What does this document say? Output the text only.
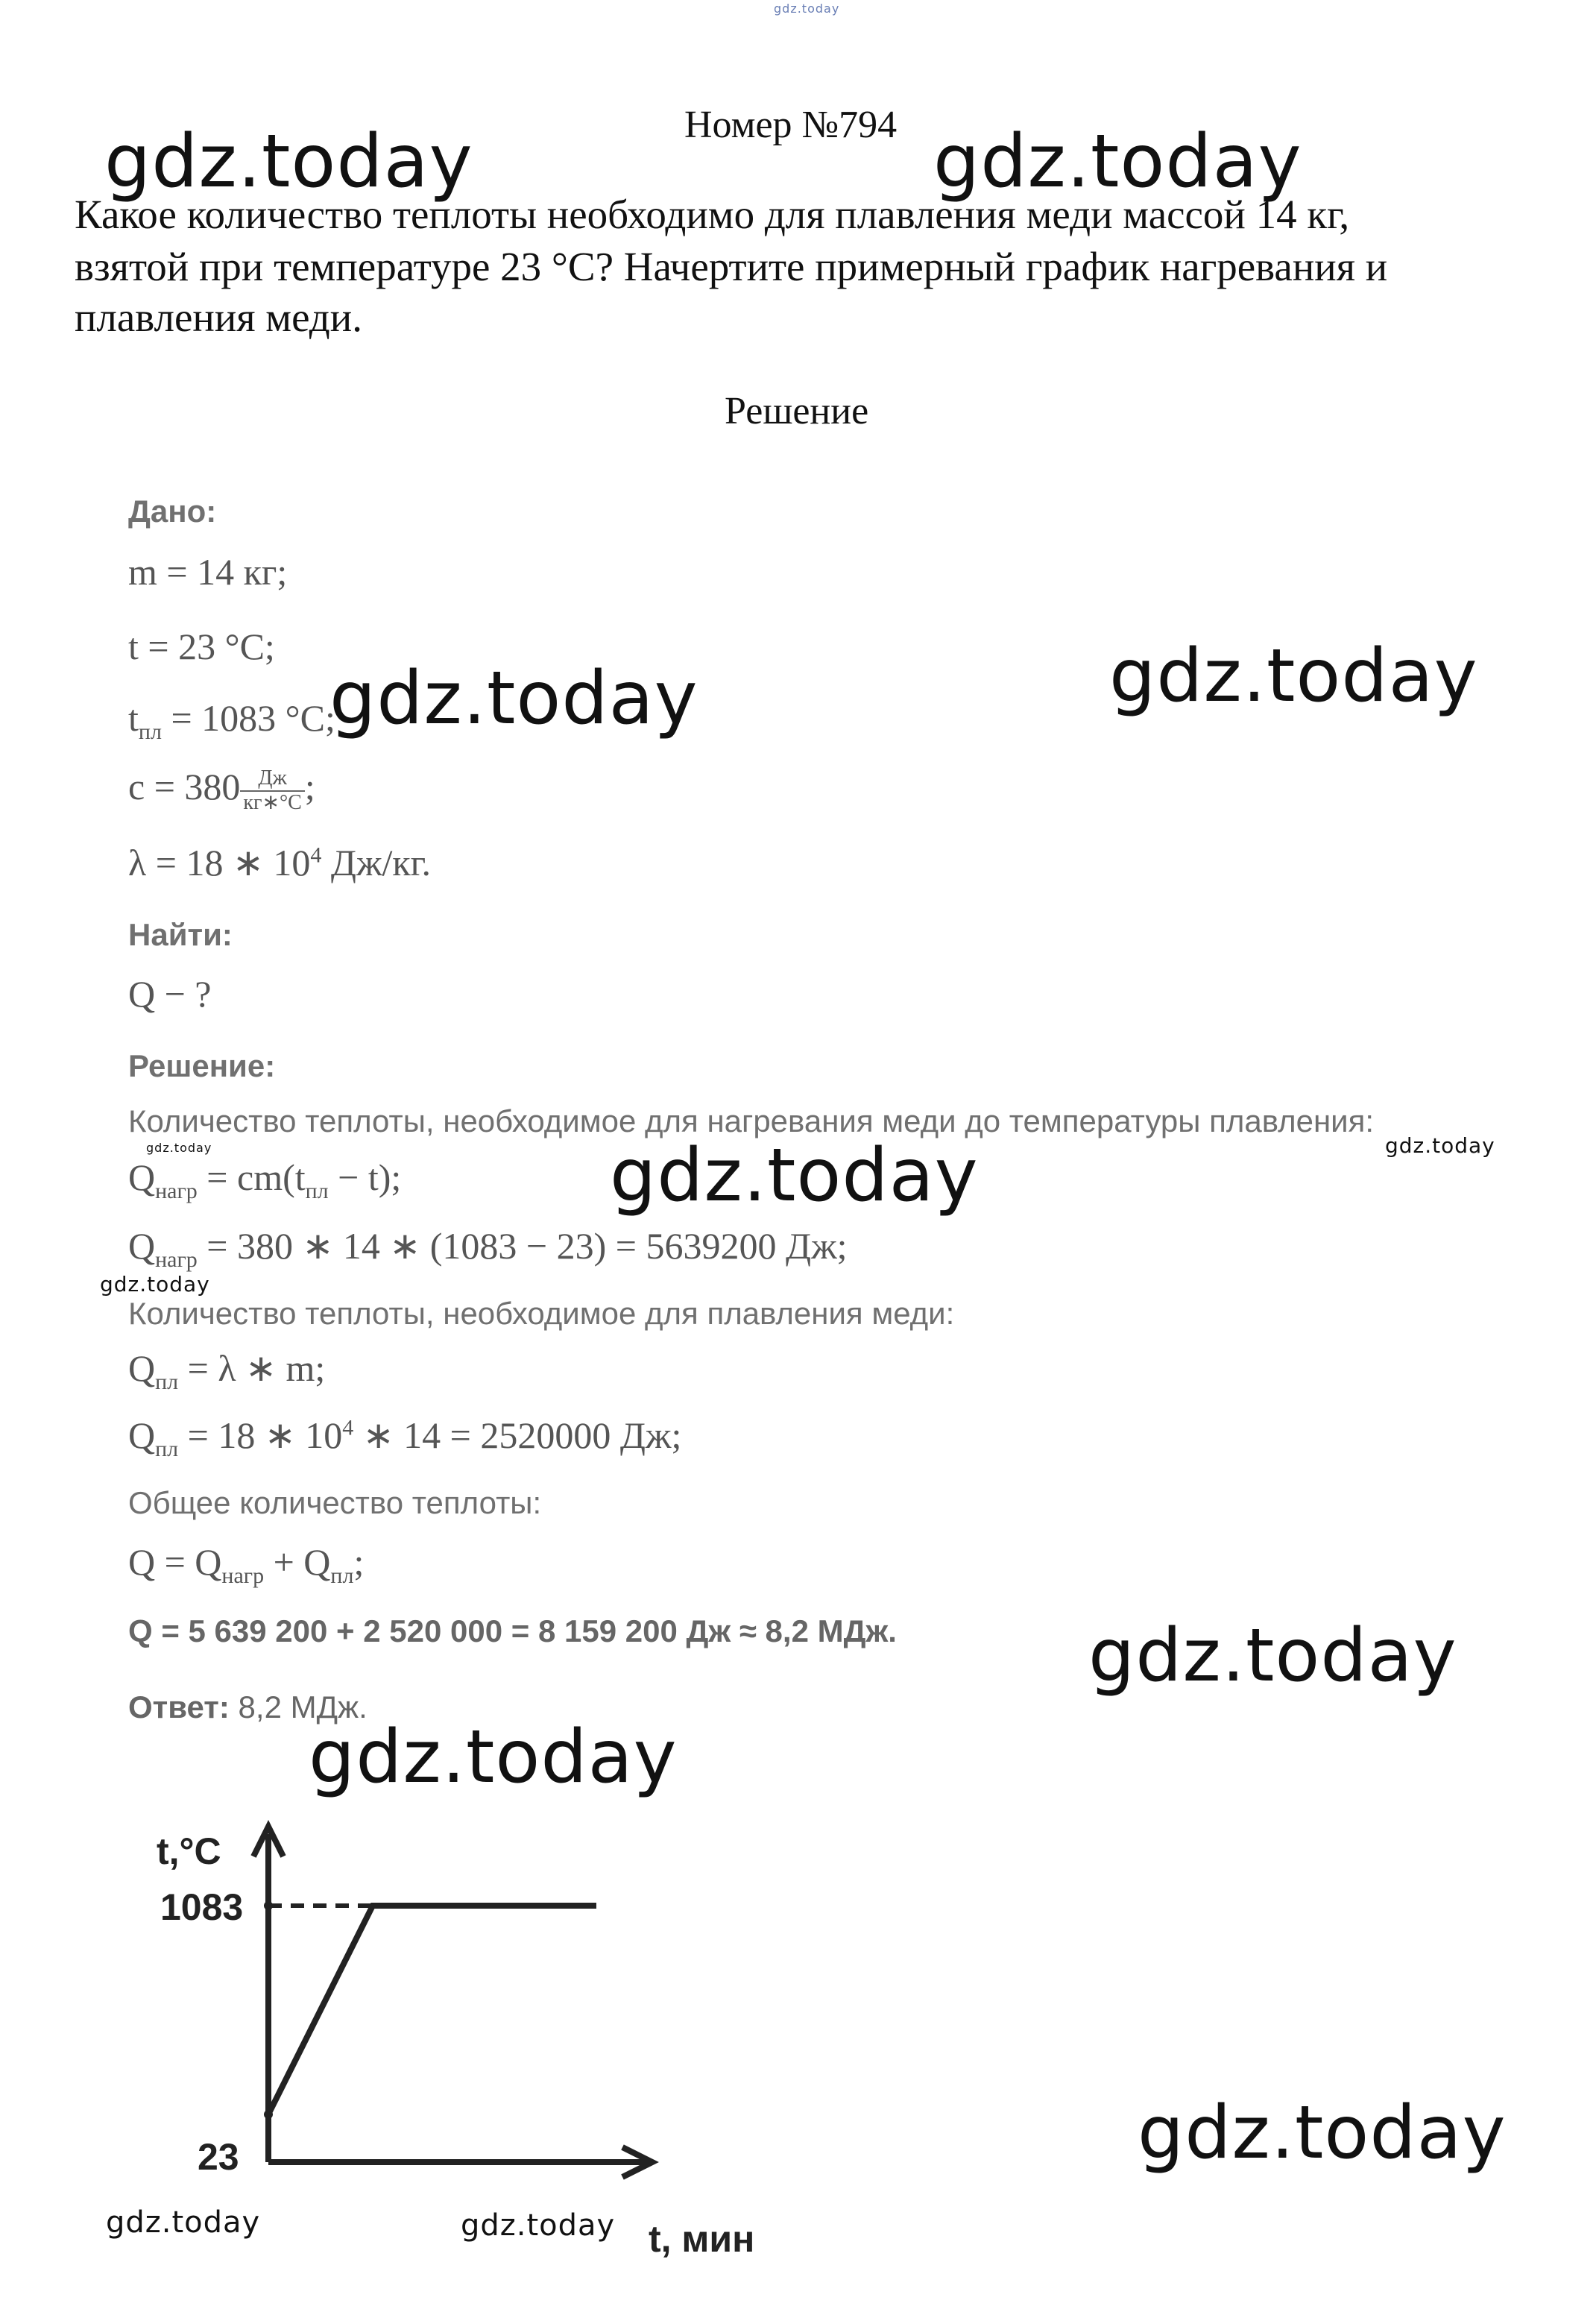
gdz.today
Номер №794
Какое количество теплоты необходимо для плавления меди массой 14 кг,
взятой при температуре 23 °С? Начертите примерный график нагревания и
плавления меди.
Решение
Дано:
m = 14 кг;
t = 23 °С;
$t_{пл} = 1083$ °С;
$с = 380 \frac{Дж}{кг∗^\circ С}$ ;
λ = 18 ∗ $10^4$ Дж/кг.
Найти:
Q − ?
Решение:
Количество теплоты, необходимое для нагревания меди до температуры плавления:
$Q_{нагр} = cm(t_{пл} - t)$;
$Q_{нагр} = 380$ ∗ 14 ∗ (1083 − 23) = 5639200 Дж;
Количество теплоты, необходимое для плавления меди:
$Q_{пл} = \lambda$ ∗ m;
$Q_{пл} = 18$ ∗ $10^4$ ∗ 14 = 2520000 Дж;
Общее количество теплоты:
$Q = Q_{нагр} + Q_{пл}$;
Q = 5 639 200 + 2 520 000 = 8 159 200 Дж ≈ 8,2 МДж.
Ответ: 8,2 МДж.
t,°C
1083
23
t, мин
gdz.today	gdz.today
gdz.today	gdz.today
gdz.today	gdz.today
gdz.today
gdz.today
gdz.today
gdz.today
gdz.today
gdz.today	gdz.today
